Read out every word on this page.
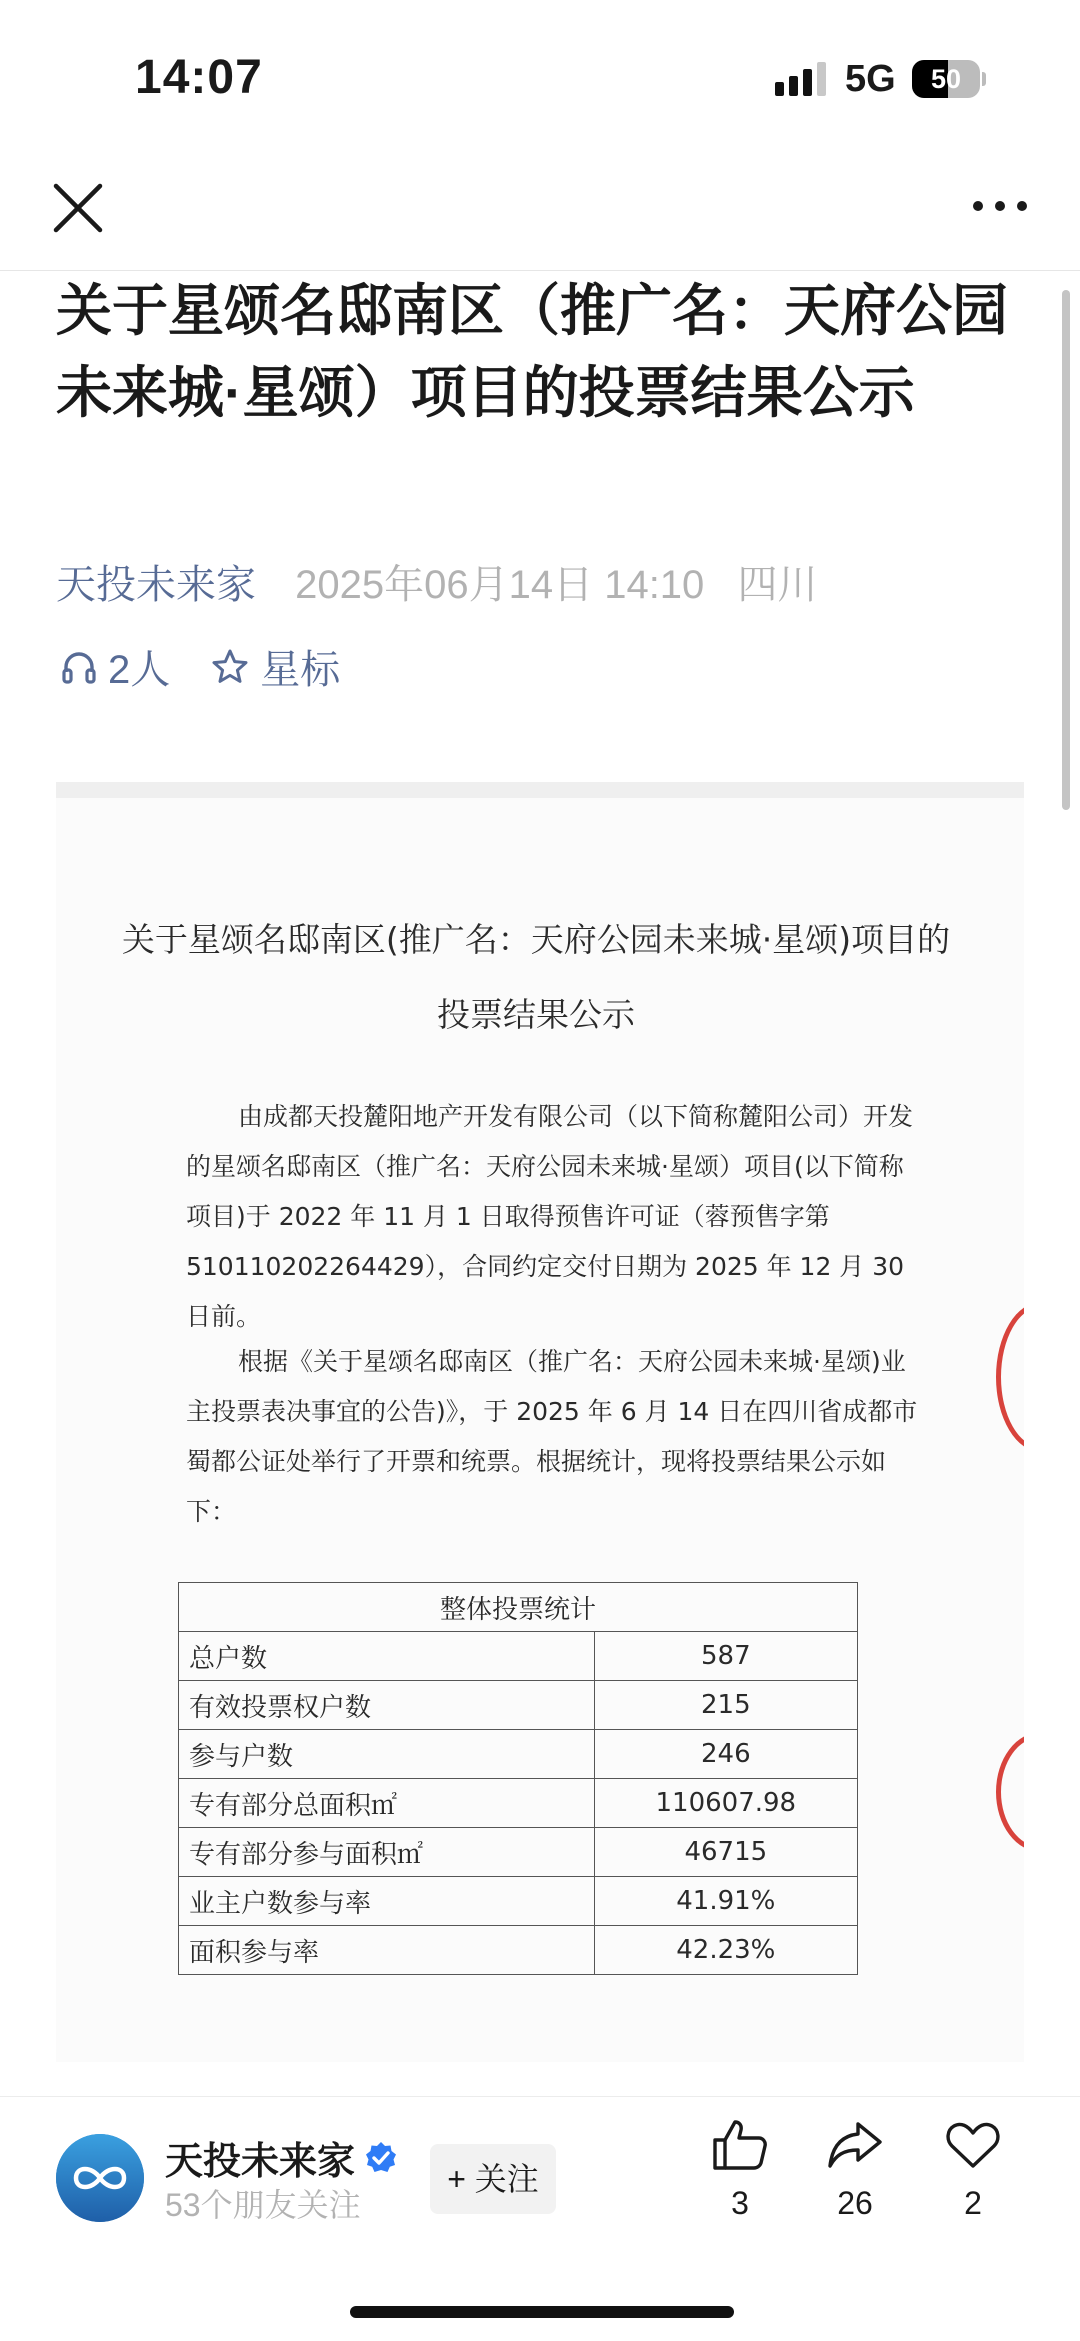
14:07	5G	50
关于星颂名邸南区（推广名：天府公园未来城·星颂）项目的投票结果公示
天投未来家 2025年06月14日 14:10 四川
2人 星标
关于星颂名邸南区(推广名：天府公园未来城·星颂)项目的投票结果公示
由成都天投麓阳地产开发有限公司（以下简称麓阳公司）开发的星颂名邸南区（推广名：天府公园未来城·星颂）项目(以下简称项目)于 2022 年 11 月 1 日取得预售许可证（蓉预售字第 510110202264429），合同约定交付日期为 2025 年 12 月 30 日前。
根据《关于星颂名邸南区（推广名：天府公园未来城·星颂)业主投票表决事宜的公告)》，于 2025 年 6 月 14 日在四川省成都市蜀都公证处举行了开票和统票。根据统计，现将投票结果公示如下：
整体投票统计	
总户数	587
有效投票权户数	215
参与户数	246
专有部分总面积㎡	110607.98
专有部分参与面积㎡	46715
业主户数参与率	41.91%
面积参与率	42.23%
天投未来家
53个朋友关注
+ 关注
3	26	2
